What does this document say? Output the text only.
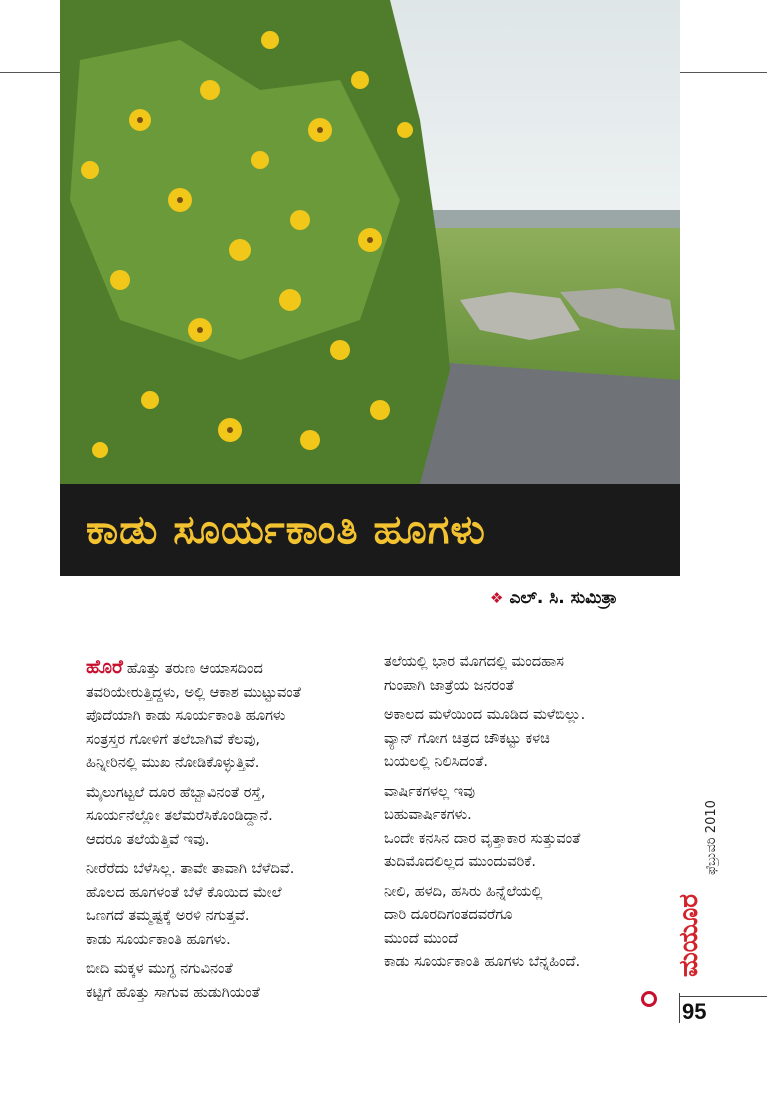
ಕಾಡು ಸೂರ್ಯಕಾಂತಿ ಹೂಗಳು
❖ ಎಲ್. ಸಿ. ಸುಮಿತ್ರಾ

ಹೊರೆ ಹೊತ್ತು ತರುಣ ಆಯಾಸದಿಂದ
ತವರಿಯೇರುತ್ತಿದ್ದಳು, ಅಲ್ಲಿ ಆಕಾಶ ಮುಟ್ಟುವಂತೆ
ಪೊದೆಯಾಗಿ ಕಾಡು ಸೂರ್ಯಕಾಂತಿ ಹೂಗಳು
ಸಂತ್ರಸ್ತರ ಗೋಳಿಗೆ ತಲೆಬಾಗಿವೆ ಕೆಲವು,
ಹಿನ್ನೀರಿನಲ್ಲಿ ಮುಖ ನೋಡಿಕೊಳ್ಳುತ್ತಿವೆ.

ಮೈಲುಗಟ್ಟಲೆ ದೂರ ಹೆಬ್ಬಾವಿನಂತೆ ರಸ್ತೆ,
ಸೂರ್ಯನೆಲ್ಲೋ ತಲೆಮರೆಸಿಕೊಂಡಿದ್ದಾನೆ.
ಆದರೂ ತಲೆಯೆತ್ತಿವೆ ಇವು.

ನೀರೆರೆದು ಬೆಳೆಸಿಲ್ಲ. ತಾವೇ ತಾವಾಗಿ ಬೆಳೆದಿವೆ.
ಹೊಲದ ಹೂಗಳಂತೆ ಬೆಳೆ ಕೊಯಿದ ಮೇಲೆ
ಒಣಗದೆ ತಮ್ಮಷ್ಟಕ್ಕೆ ಅರಳಿ ನಗುತ್ತವೆ.
ಕಾಡು ಸೂರ್ಯಕಾಂತಿ ಹೂಗಳು.

ಬೀದಿ ಮಕ್ಕಳ ಮುಗ್ಧ ನಗುವಿನಂತೆ
ಕಟ್ಟಿಗೆ ಹೊತ್ತು ಸಾಗುವ ಹುಡುಗಿಯಂತೆ

ತಲೆಯಲ್ಲಿ ಭಾರ ಮೊಗದಲ್ಲಿ ಮಂದಹಾಸ
ಗುಂಪಾಗಿ ಜಾತ್ರೆಯ ಜನರಂತೆ

ಅಕಾಲದ ಮಳೆಯಿಂದ ಮೂಡಿದ ಮಳೆಬಿಲ್ಲು.
ವ್ಯಾನ್ ಗೋಗ ಚಿತ್ರದ ಚೌಕಟ್ಟು ಕಳಚಿ
ಬಯಲಲ್ಲಿ ನಿಲಿಸಿದಂತೆ.

ವಾರ್ಷಿಕಗಳಲ್ಲ ಇವು
ಬಹುವಾರ್ಷಿಕಗಳು.
ಒಂದೇ ಕನಸಿನ ದಾರ ವೃತ್ತಾಕಾರ ಸುತ್ತುವಂತೆ
ತುದಿಮೊದಲಿಲ್ಲದ ಮುಂದುವರಿಕೆ.

ನೀಲಿ, ಹಳದಿ, ಹಸಿರು ಹಿನ್ನೆಲೆಯಲ್ಲಿ
ದಾರಿ ದೂರದಿಗಂತದವರೆಗೂ
ಮುಂದೆ ಮುಂದೆ
ಕಾಡು ಸೂರ್ಯಕಾಂತಿ ಹೂಗಳು ಬೆನ್ನಹಿಂದೆ.

ಫೆಬ್ರುವರಿ 2010
ಮಯೂರ
95
